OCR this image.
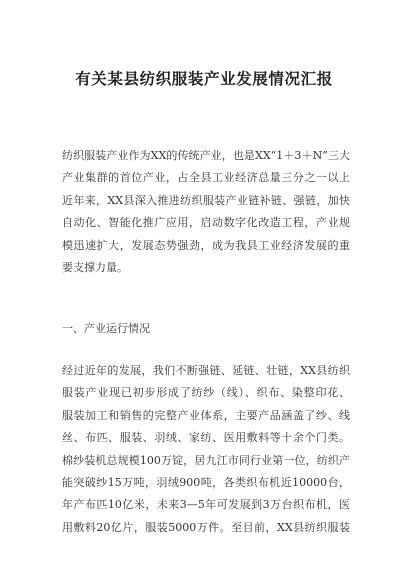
有关某县纺织服装产业发展情况汇报
纺织服装产业作为XX的传统产业，也是XX“1＋3＋N”三大
产业集群的首位产业，占全县工业经济总量三分之一以上
近年来，XX县深入推进纺织服装产业链补链、强链，加快
自动化、智能化推广应用，启动数字化改造工程，产业规
模迅速扩大，发展态势强劲，成为我县工业经济发展的重
要支撑力量。
一、产业运行情况
经过近年的发展，我们不断强链、延链、壮链，XX县纺织
服装产业现已初步形成了纺纱（线）、织布、染整印花、
服装加工和销售的完整产业体系，主要产品涵盖了纱、线
丝、布匹、服装、羽绒、家纺、医用敷料等十余个门类。
棉纱装机总规模100万锭，居九江市同行业第一位，纺织产
能突破纱15万吨，羽绒900吨，各类织布机近10000台，
年产布匹10亿米，未来3—5年可发展到3万台织布机，医
用敷料20亿片，服装5000万件。至目前，XX县纺织服装
